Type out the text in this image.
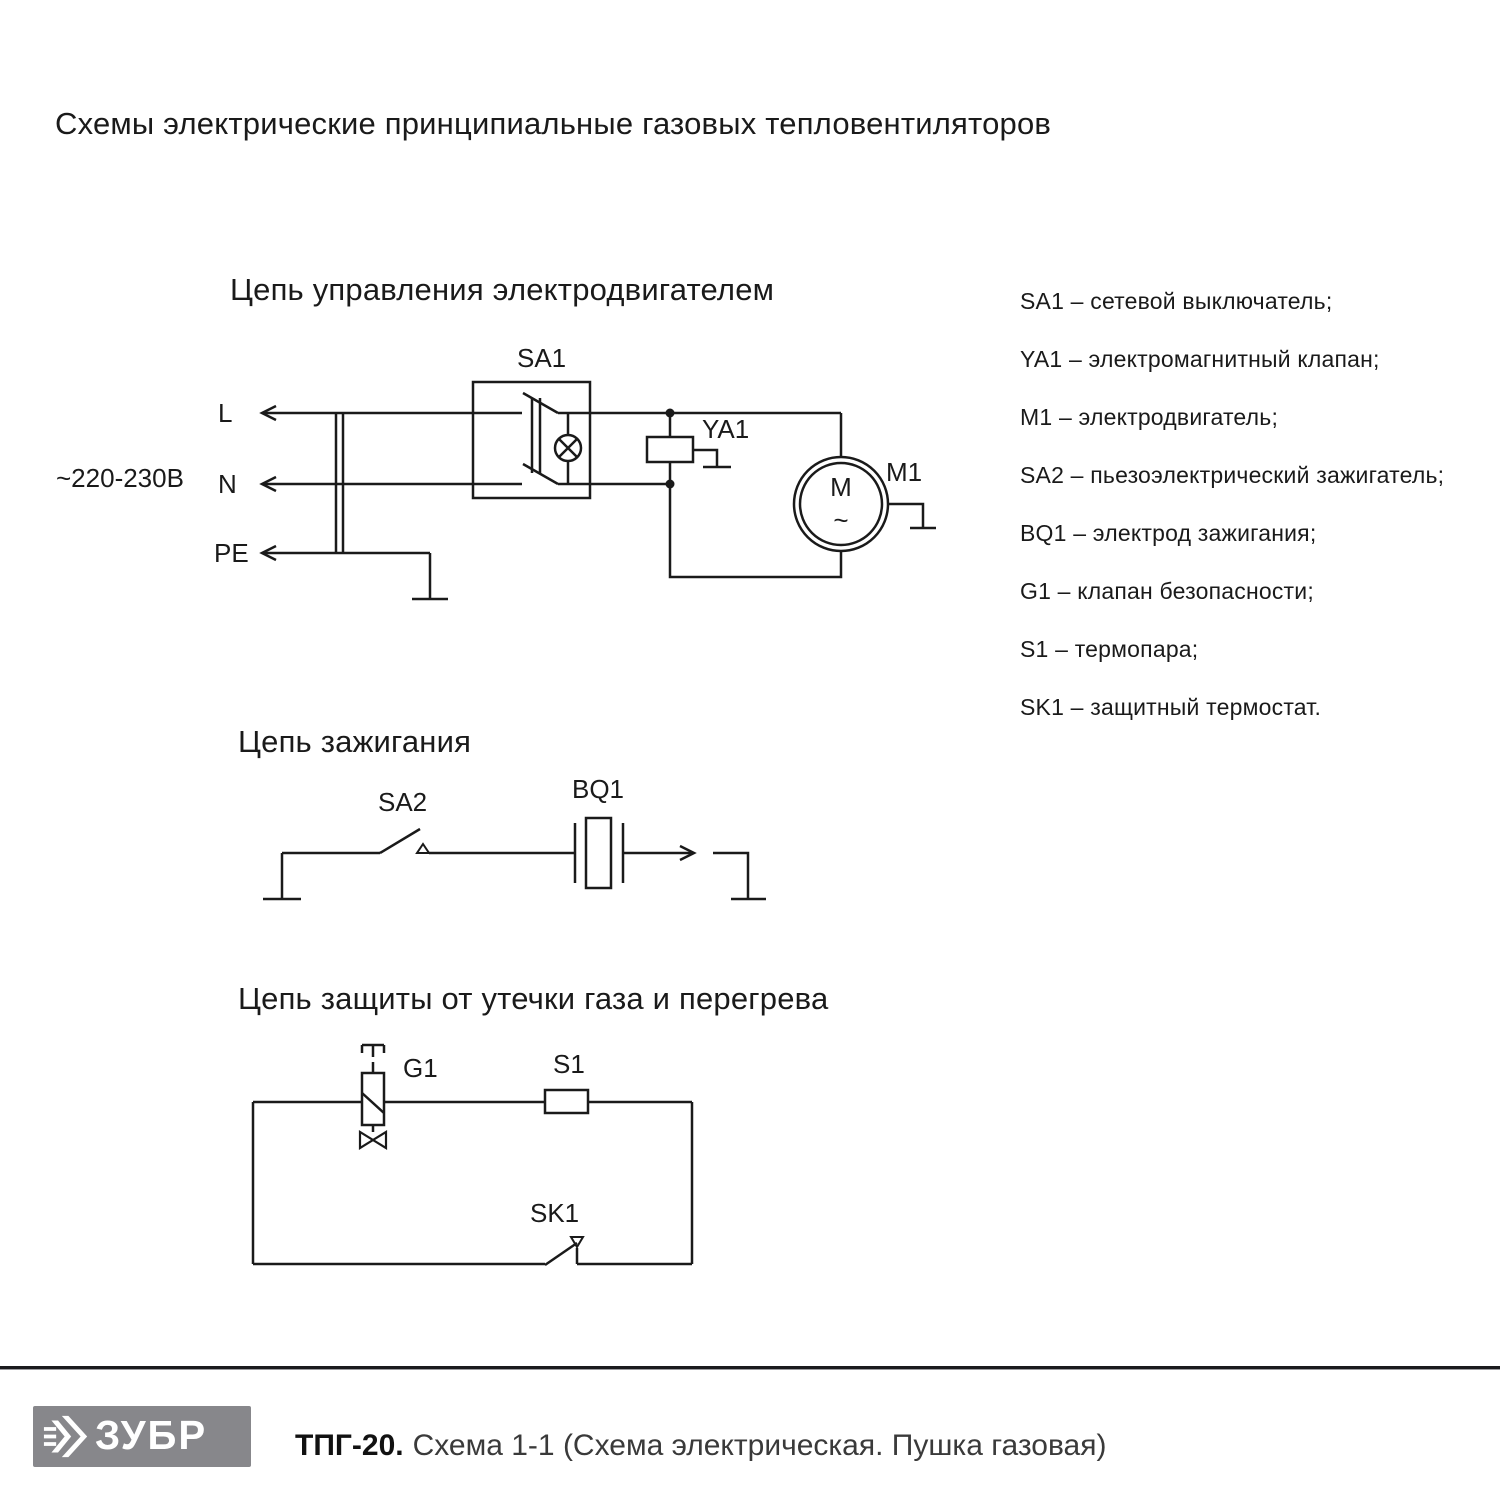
Схемы электрические принципиальные газовых тепловентиляторов
Цепь управления электродвигателем
L
N
PE
~220-230В
SA1
YA1
M
~
M1
SA1 – сетевой выключатель;
YA1 – электромагнитный клапан;
M1 – электродвигатель;
SA2 – пьезоэлектрический зажигатель;
BQ1 – электрод зажигания;
G1 – клапан безопасности;
S1 – термопара;
SK1 – защитный термостат.
Цепь зажигания
SA2	BQ1
Цепь защиты от утечки газа и перегрева
G1	S1
SK1
ЗУБР	ТПГ-20. Схема 1-1 (Схема электрическая. Пушка газовая)
